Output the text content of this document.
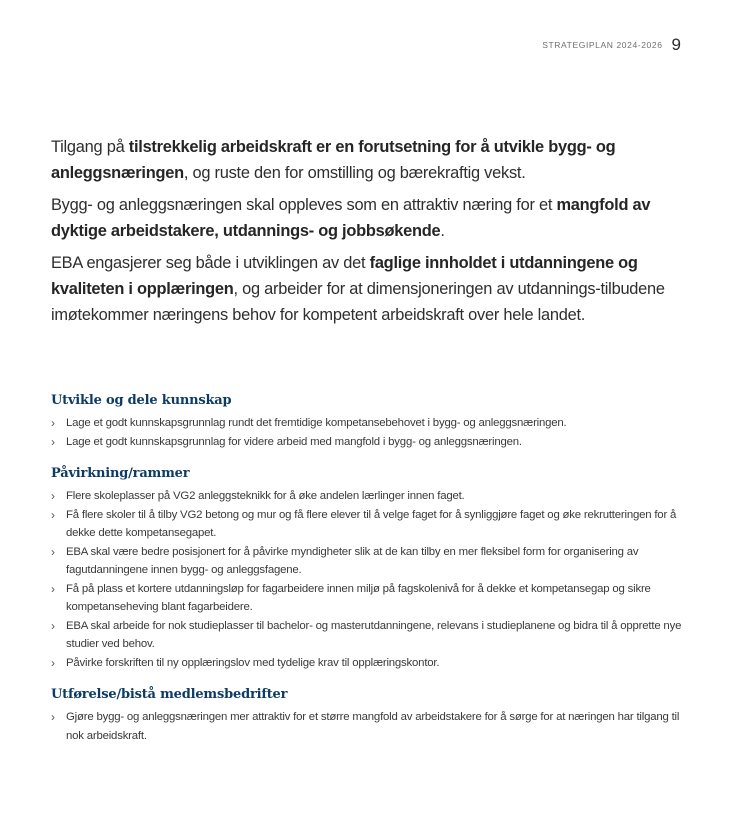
STRATEGIPLAN 2024-2026 9

Tilgang på tilstrekkelig arbeidskraft er en forutsetning for å utvikle bygg- og anleggsnæringen, og ruste den for omstilling og bærekraftig vekst.

Bygg- og anleggsnæringen skal oppleves som en attraktiv næring for et mangfold av dyktige arbeidstakere, utdannings- og jobbsøkende.

EBA engasjerer seg både i utviklingen av det faglige innholdet i utdanningene og kvaliteten i opplæringen, og arbeider for at dimensjoneringen av utdannings-tilbudene imøtekommer næringens behov for kompetent arbeidskraft over hele landet.

Utvikle og dele kunnskap
› Lage et godt kunnskapsgrunnlag rundt det fremtidige kompetansebehovet i bygg- og anleggsnæringen.
› Lage et godt kunnskapsgrunnlag for videre arbeid med mangfold i bygg- og anleggsnæringen.
Påvirkning/rammer
› Flere skoleplasser på VG2 anleggsteknikk for å øke andelen lærlinger innen faget.
› Få flere skoler til å tilby VG2 betong og mur og få flere elever til å velge faget for å synliggjøre faget og øke rekrutteringen for å dekke dette kompetansegapet.
› EBA skal være bedre posisjonert for å påvirke myndigheter slik at de kan tilby en mer fleksibel form for organisering av fagutdanningene innen bygg- og anleggsfagene.
› Få på plass et kortere utdanningsløp for fagarbeidere innen miljø på fagskolenivå for å dekke et kompetansegap og sikre kompetanseheving blant fagarbeidere.
› EBA skal arbeide for nok studieplasser til bachelor- og masterutdanningene, relevans i studieplanene og bidra til å opprette nye studier ved behov.
› Påvirke forskriften til ny opplæringslov med tydelige krav til opplæringskontor.
Utførelse/bistå medlemsbedrifter
› Gjøre bygg- og anleggsnæringen mer attraktiv for et større mangfold av arbeidstakere for å sørge for at næringen har tilgang til nok arbeidskraft.
